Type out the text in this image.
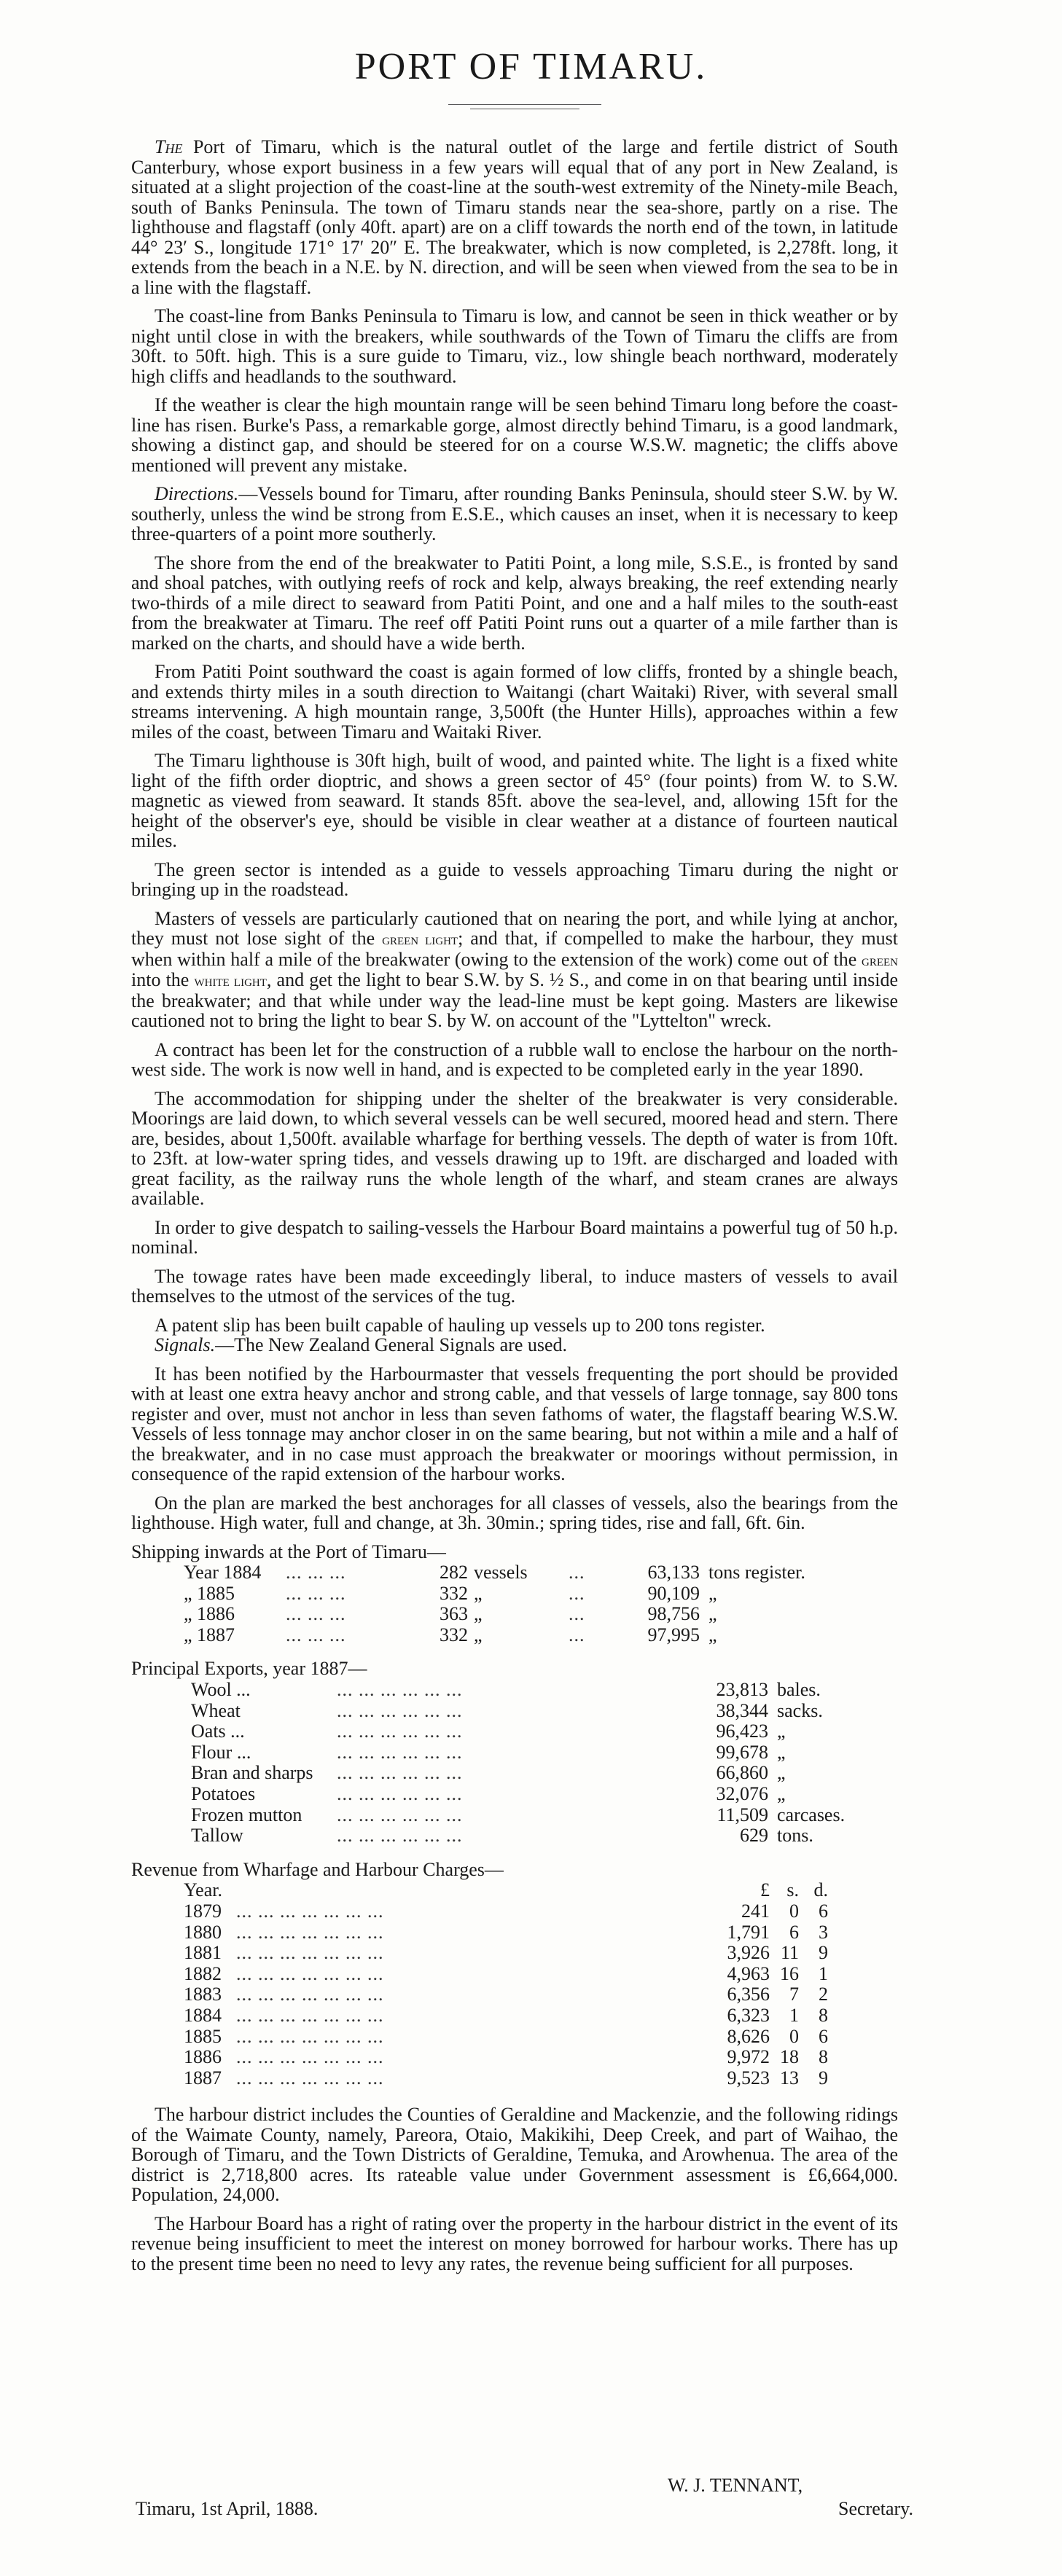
PORT OF TIMARU.

The Port of Timaru, which is the natural outlet of the large and fertile district of South Canterbury, whose export business in a few years will equal that of any port in New Zealand, is situated at a slight projection of the coast-line at the south-west extremity of the Ninety-mile Beach, south of Banks Peninsula. The town of Timaru stands near the sea-shore, partly on a rise. The lighthouse and flagstaff (only 40ft. apart) are on a cliff towards the north end of the town, in latitude 44° 23′ S., longitude 171° 17′ 20″ E. The breakwater, which is now completed, is 2,278ft. long, it extends from the beach in a N.E. by N. direction, and will be seen when viewed from the sea to be in a line with the flagstaff.

The coast-line from Banks Peninsula to Timaru is low, and cannot be seen in thick weather or by night until close in with the breakers, while southwards of the Town of Timaru the cliffs are from 30ft. to 50ft. high. This is a sure guide to Timaru, viz., low shingle beach northward, moderately high cliffs and headlands to the southward.

If the weather is clear the high mountain range will be seen behind Timaru long before the coast-line has risen. Burke's Pass, a remarkable gorge, almost directly behind Timaru, is a good landmark, showing a distinct gap, and should be steered for on a course W.S.W. magnetic; the cliffs above mentioned will prevent any mistake.

Directions.—Vessels bound for Timaru, after rounding Banks Peninsula, should steer S.W. by W. southerly, unless the wind be strong from E.S.E., which causes an inset, when it is necessary to keep three-quarters of a point more southerly.

The shore from the end of the breakwater to Patiti Point, a long mile, S.S.E., is fronted by sand and shoal patches, with outlying reefs of rock and kelp, always breaking, the reef extending nearly two-thirds of a mile direct to seaward from Patiti Point, and one and a half miles to the south-east from the breakwater at Timaru. The reef off Patiti Point runs out a quarter of a mile farther than is marked on the charts, and should have a wide berth.

From Patiti Point southward the coast is again formed of low cliffs, fronted by a shingle beach, and extends thirty miles in a south direction to Waitangi (chart Waitaki) River, with several small streams intervening. A high mountain range, 3,500ft (the Hunter Hills), approaches within a few miles of the coast, between Timaru and Waitaki River.

The Timaru lighthouse is 30ft high, built of wood, and painted white. The light is a fixed white light of the fifth order dioptric, and shows a green sector of 45° (four points) from W. to S.W. magnetic as viewed from seaward. It stands 85ft. above the sea-level, and, allowing 15ft for the height of the observer's eye, should be visible in clear weather at a distance of fourteen nautical miles.

The green sector is intended as a guide to vessels approaching Timaru during the night or bringing up in the roadstead.

Masters of vessels are particularly cautioned that on nearing the port, and while lying at anchor, they must not lose sight of the green light; and that, if compelled to make the harbour, they must when within half a mile of the breakwater (owing to the extension of the work) come out of the green into the white light, and get the light to bear S.W. by S. ½ S., and come in on that bearing until inside the breakwater; and that while under way the lead-line must be kept going. Masters are likewise cautioned not to bring the light to bear S. by W. on account of the "Lyttelton" wreck.

A contract has been let for the construction of a rubble wall to enclose the harbour on the north-west side. The work is now well in hand, and is expected to be completed early in the year 1890.

The accommodation for shipping under the shelter of the breakwater is very considerable. Moorings are laid down, to which several vessels can be well secured, moored head and stern. There are, besides, about 1,500ft. available wharfage for berthing vessels. The depth of water is from 10ft. to 23ft. at low-water spring tides, and vessels drawing up to 19ft. are discharged and loaded with great facility, as the railway runs the whole length of the wharf, and steam cranes are always available.

In order to give despatch to sailing-vessels the Harbour Board maintains a powerful tug of 50 h.p. nominal.

The towage rates have been made exceedingly liberal, to induce masters of vessels to avail themselves to the utmost of the services of the tug.

A patent slip has been built capable of hauling up vessels up to 200 tons register.

Signals.—The New Zealand General Signals are used.

It has been notified by the Harbourmaster that vessels frequenting the port should be provided with at least one extra heavy anchor and strong cable, and that vessels of large tonnage, say 800 tons register and over, must not anchor in less than seven fathoms of water, the flagstaff bearing W.S.W. Vessels of less tonnage may anchor closer in on the same bearing, but not within a mile and a half of the breakwater, and in no case must approach the breakwater or moorings without permission, in consequence of the rapid extension of the harbour works.

On the plan are marked the best anchorages for all classes of vessels, also the bearings from the lighthouse. High water, full and change, at 3h. 30min.; spring tides, rise and fall, 6ft. 6in.

Shipping inwards at the Port of Timaru—

Year 1884	... ... ...	282	vessels	...	63,133	tons register.
„ 1885	... ... ...	332	„	...	90,109	„
„ 1886	... ... ...	363	„	...	98,756	„
„ 1887	... ... ...	332	„	...	97,995	„

Principal Exports, year 1887—

Wool ...	... ... ... ... ... ...	23,813	bales.
Wheat	... ... ... ... ... ...	38,344	sacks.
Oats ...	... ... ... ... ... ...	96,423	„
Flour ...	... ... ... ... ... ...	99,678	„
Bran and sharps	... ... ... ... ... ...	66,860	„
Potatoes	... ... ... ... ... ...	32,076	„
Frozen mutton	... ... ... ... ... ...	11,509	carcases.
Tallow	... ... ... ... ... ...	629	tons.

Revenue from Wharfage and Harbour Charges—

Year.		£	s.	d.
1879	... ... ... ... ... ... ...	241	0	6
1880	... ... ... ... ... ... ...	1,791	6	3
1881	... ... ... ... ... ... ...	3,926	11	9
1882	... ... ... ... ... ... ...	4,963	16	1
1883	... ... ... ... ... ... ...	6,356	7	2
1884	... ... ... ... ... ... ...	6,323	1	8
1885	... ... ... ... ... ... ...	8,626	0	6
1886	... ... ... ... ... ... ...	9,972	18	8
1887	... ... ... ... ... ... ...	9,523	13	9

The harbour district includes the Counties of Geraldine and Mackenzie, and the following ridings of the Waimate County, namely, Pareora, Otaio, Makikihi, Deep Creek, and part of Waihao, the Borough of Timaru, and the Town Districts of Geraldine, Temuka, and Arowhenua. The area of the district is 2,718,800 acres. Its rateable value under Government assessment is £6,664,000. Population, 24,000.

The Harbour Board has a right of rating over the property in the harbour district in the event of its revenue being insufficient to meet the interest on money borrowed for harbour works. There has up to the present time been no need to levy any rates, the revenue being sufficient for all purposes.

W. J. TENNANT,
Secretary.
Timaru, 1st April, 1888.
